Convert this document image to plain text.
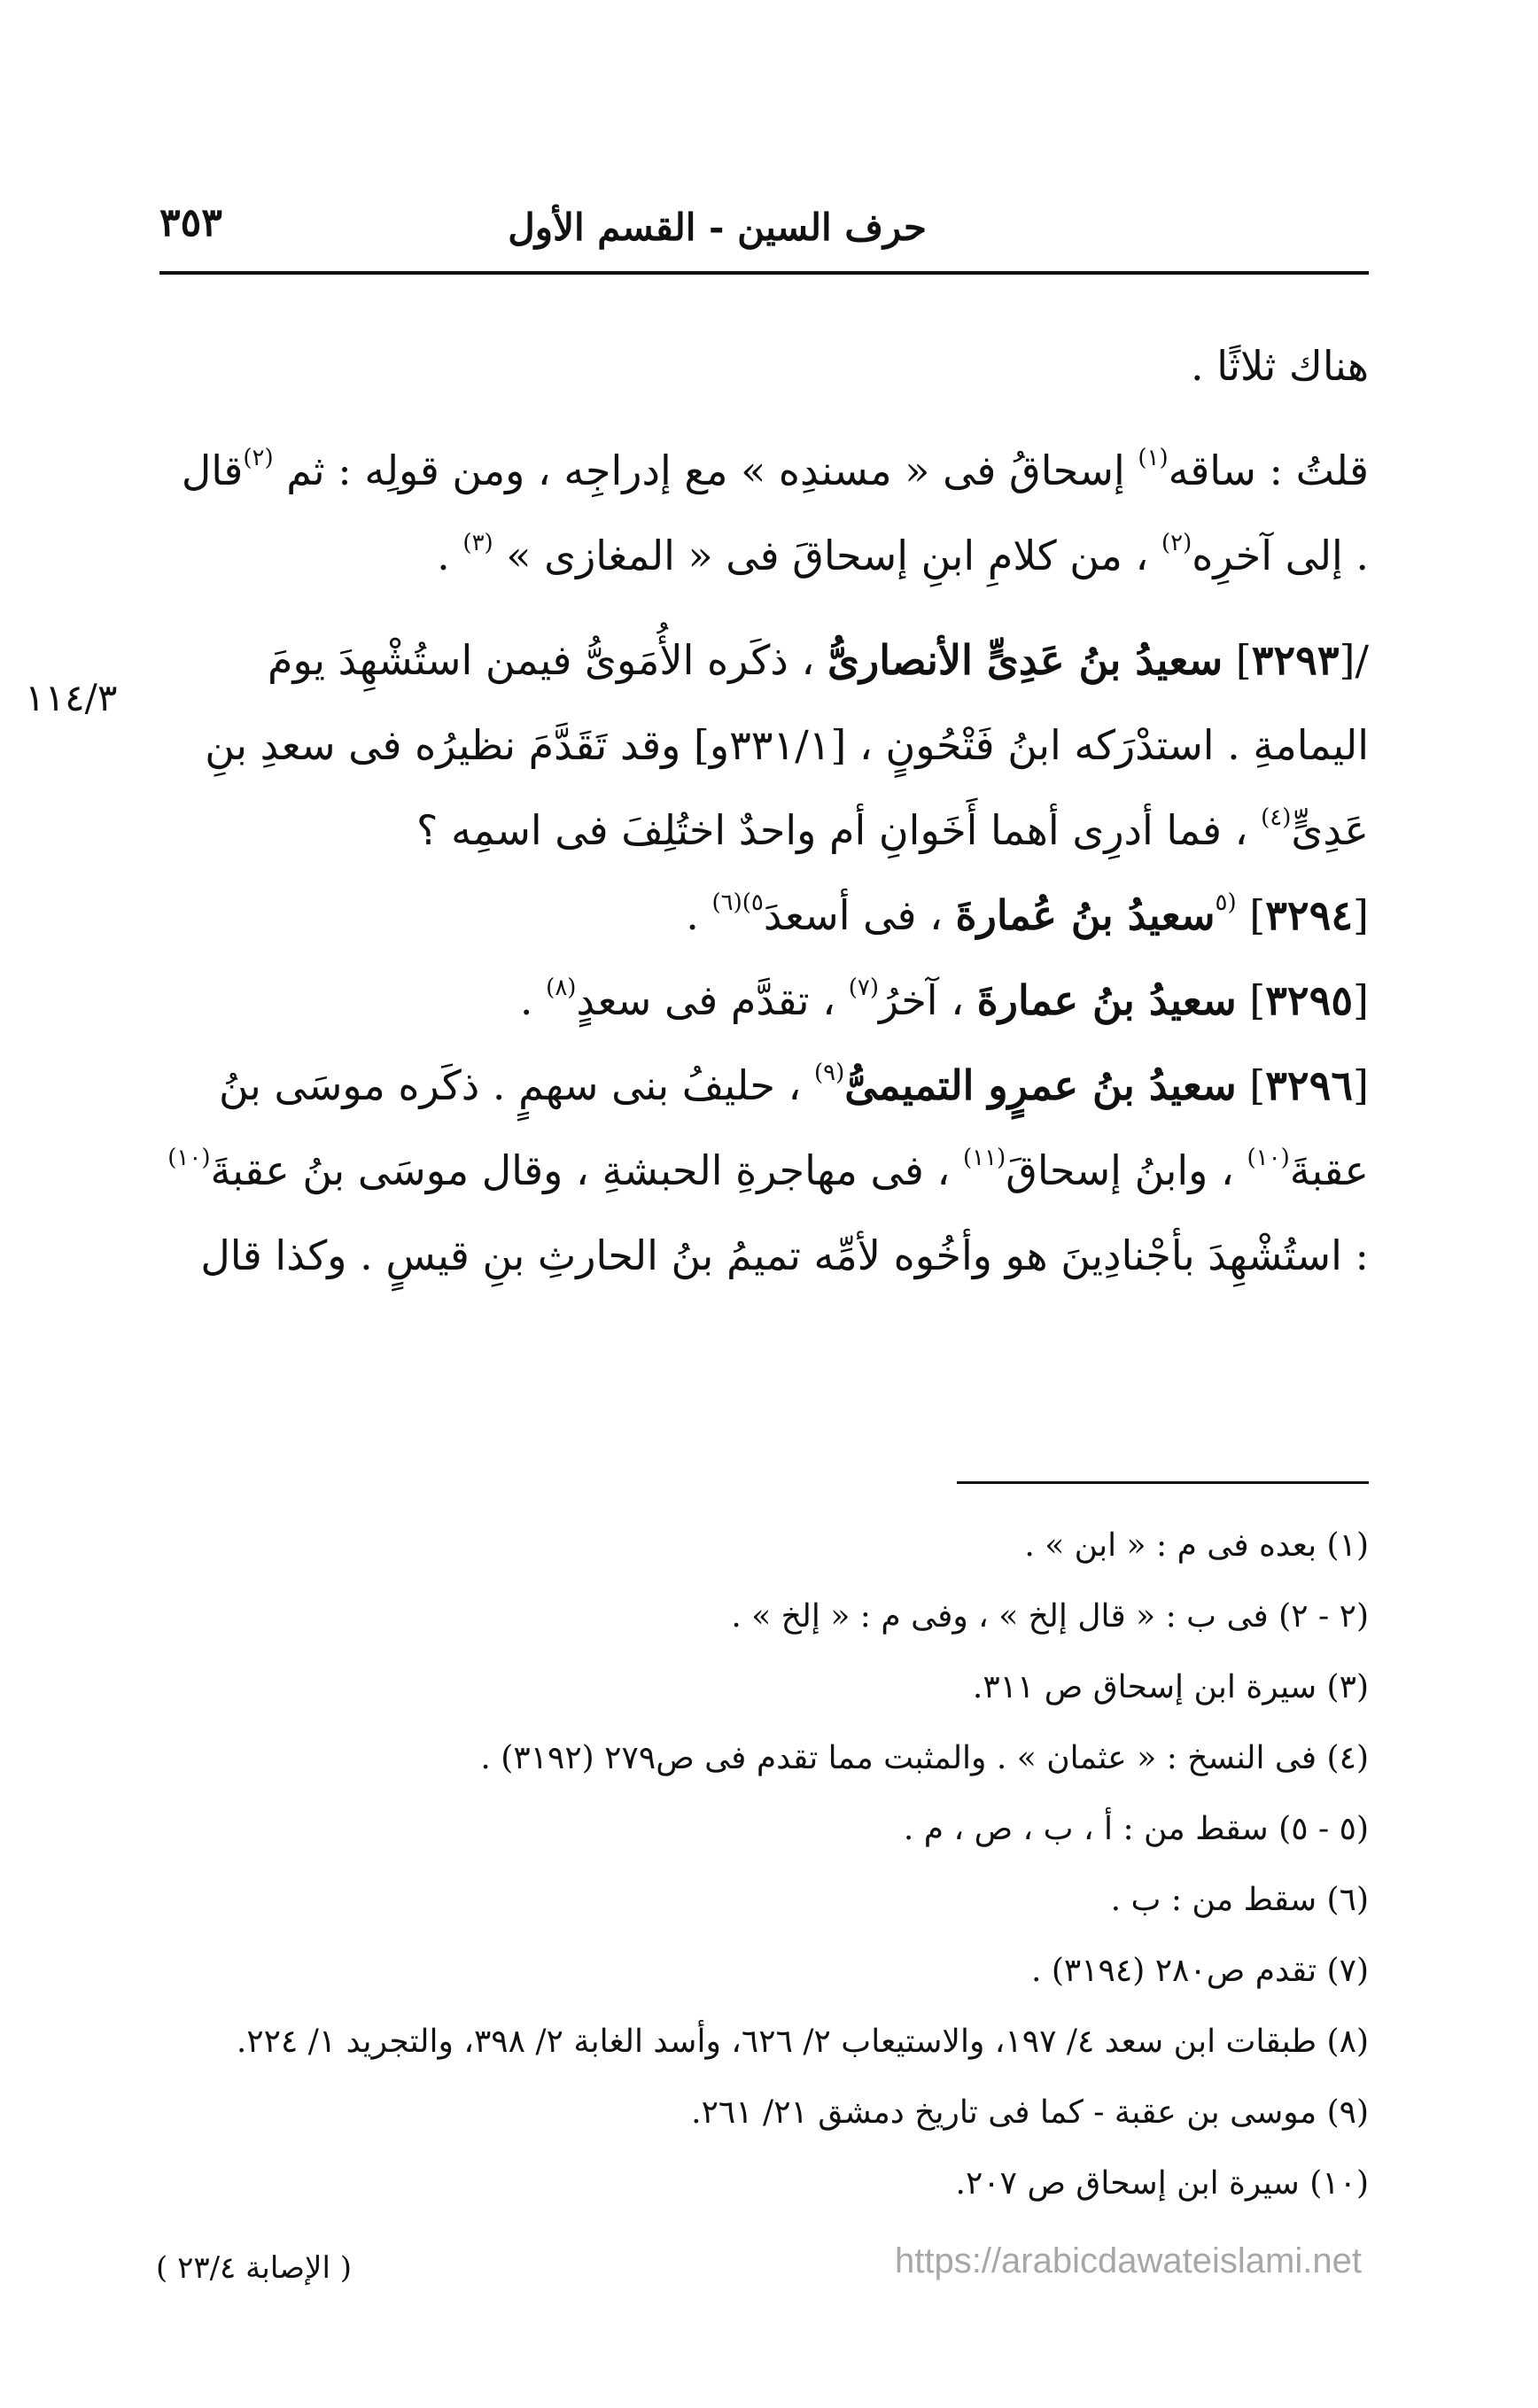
حرف السين - القسم الأول
٣٥٣
١١٤/٣

هناك ثلاثًا .

قلتُ : ساقه$^{(١)}$ إسحاقُ فى « مسندِه » مع إدراجِه ، ومن قولِه : ثم $^{(٢)}$قال . إلى آخرِه$^{(٢)}$ ، من كلامِ ابنِ إسحاقَ فى « المغازى » $^{(٣)}$ .

/[٣٢٩٣] سعيدُ بنُ عَدِىٍّ الأنصارىُّ ، ذكَره الأُمَوىُّ فيمن استُشْهِدَ يومَ اليمامةِ . استدْرَكه ابنُ فَتْحُونٍ ، [٣٣١/١و] وقد تَقَدَّمَ نظيرُه فى سعدِ بنِ عَدِىٍّ$^{(٤)}$ ، فما أدرِى أهما أَخَوانِ أم واحدٌ اختُلِفَ فى اسمِه ؟

[٣٢٩٤] $^{(٥}$سعيدُ بنُ عُمارةَ ، فى أسعدَ$^{٥)(٦)}$ .

[٣٢٩٥] سعيدُ بنُ عمارةَ ، آخرُ$^{(٧)}$ ، تقدَّم فى سعدٍ$^{(٨)}$ .

[٣٢٩٦] سعيدُ بنُ عمرٍو التميمىُّ$^{(٩)}$ ، حليفُ بنى سهمٍ . ذكَره موسَى بنُ عقبةَ$^{(١٠)}$ ، وابنُ إسحاقَ$^{(١١)}$ ، فى مهاجرةِ الحبشةِ ، وقال موسَى بنُ عقبةَ$^{(١٠)}$ : استُشْهِدَ بأجْنادِينَ هو وأخُوه لأمِّه تميمُ بنُ الحارثِ بنِ قيسٍ . وكذا قال

(١) بعده فى م : « ابن » .

(٢ - ٢) فى ب : « قال إلخ » ، وفى م : « إلخ » .

(٣) سيرة ابن إسحاق ص ٣١١.

(٤) فى النسخ : « عثمان » . والمثبت مما تقدم فى ص٢٧٩ (٣١٩٢) .

(٥ - ٥) سقط من : أ ، ب ، ص ، م .

(٦) سقط من : ب .

(٧) تقدم ص٢٨٠ (٣١٩٤) .

(٨) طبقات ابن سعد ٤/ ١٩٧، والاستيعاب ٢/ ٦٢٦، وأسد الغابة ٢/ ٣٩٨، والتجريد ١/ ٢٢٤.

(٩) موسى بن عقبة - كما فى تاريخ دمشق ٢١/ ٢٦١.

(١٠) سيرة ابن إسحاق ص ٢٠٧.

( الإصابة ٢٣/٤ )	https://arabicdawateislami.net
